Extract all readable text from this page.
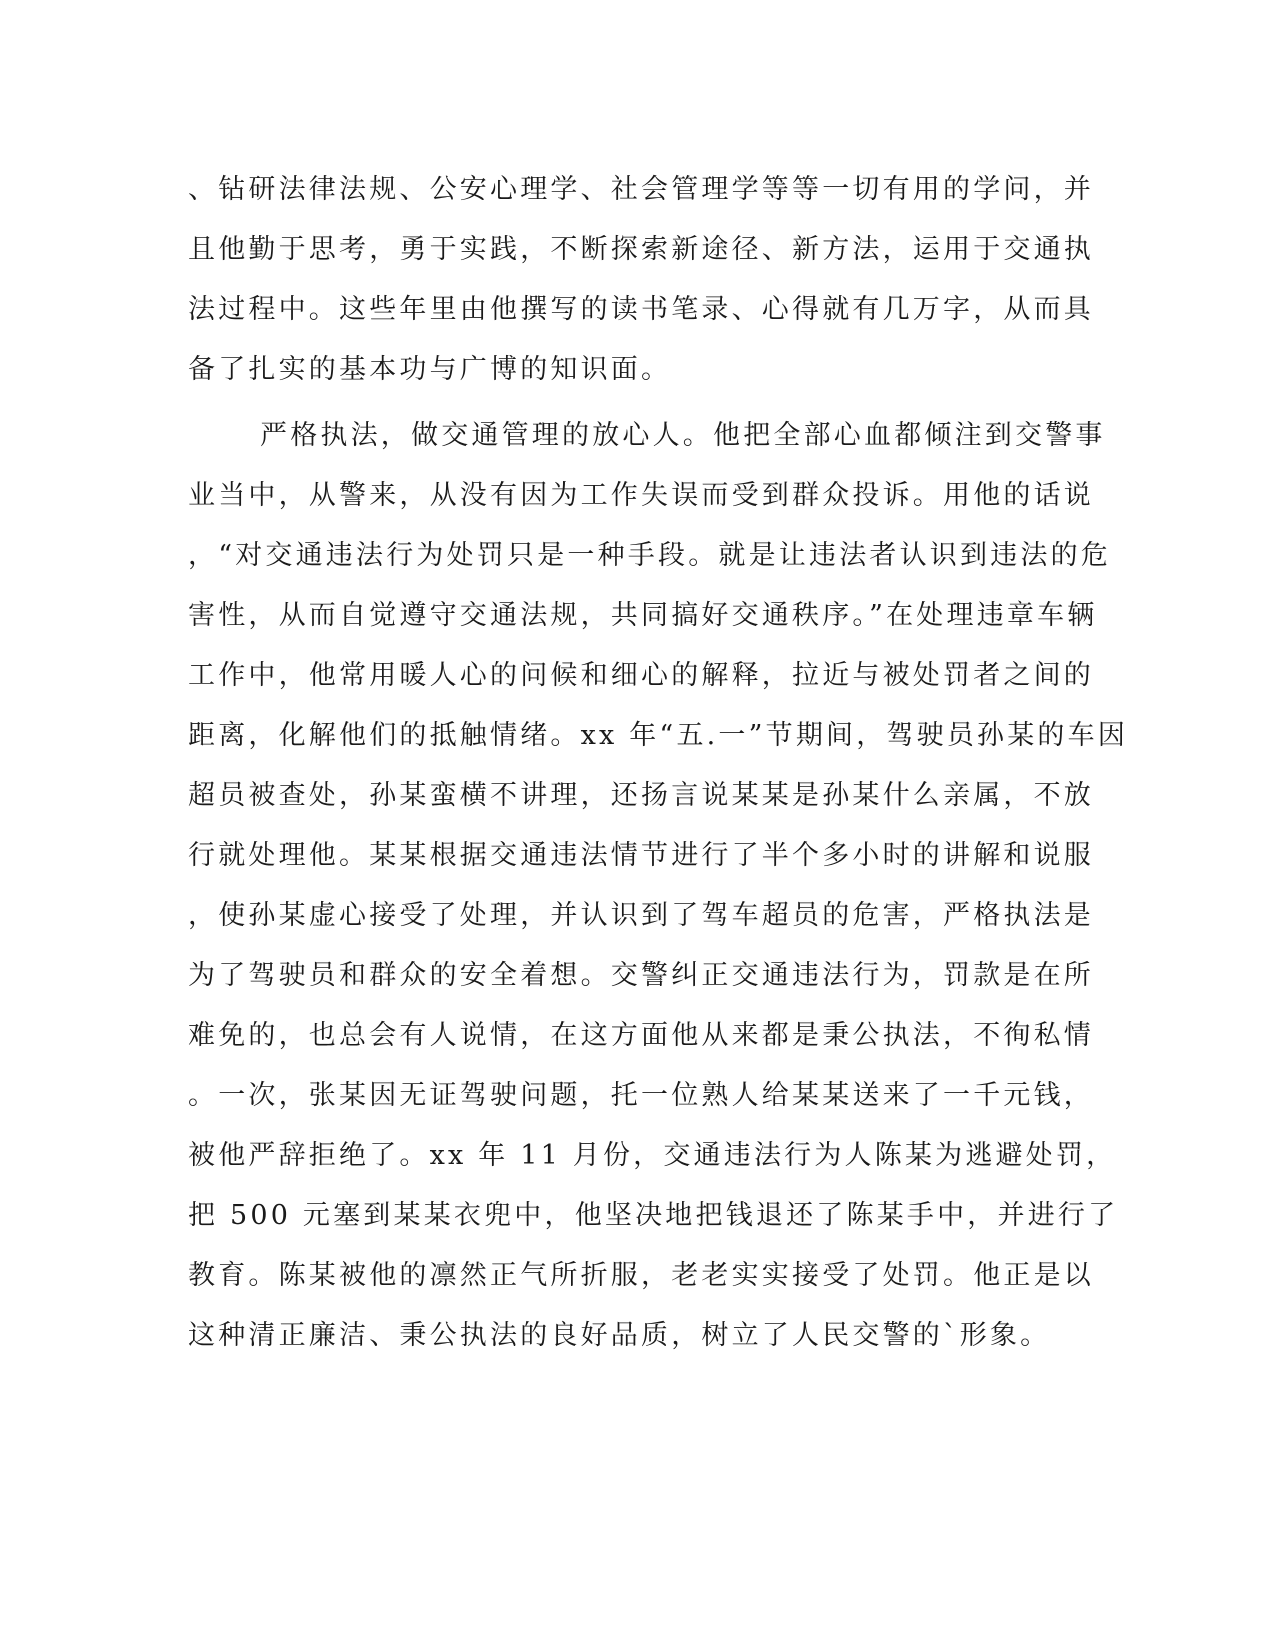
、钻研法律法规、公安心理学、社会管理学等等一切有用的学问，并
且他勤于思考，勇于实践，不断探索新途径、新方法，运用于交通执
法过程中。这些年里由他撰写的读书笔录、心得就有几万字，从而具
备了扎实的基本功与广博的知识面。
严格执法，做交通管理的放心人。他把全部心血都倾注到交警事
业当中，从警来，从没有因为工作失误而受到群众投诉。用他的话说
，“对交通违法行为处罚只是一种手段。就是让违法者认识到违法的危
害性，从而自觉遵守交通法规，共同搞好交通秩序。”在处理违章车辆
工作中，他常用暖人心的问候和细心的解释，拉近与被处罚者之间的
距离，化解他们的抵触情绪。xx 年“五.一”节期间，驾驶员孙某的车因
超员被查处，孙某蛮横不讲理，还扬言说某某是孙某什么亲属，不放
行就处理他。某某根据交通违法情节进行了半个多小时的讲解和说服
，使孙某虚心接受了处理，并认识到了驾车超员的危害，严格执法是
为了驾驶员和群众的安全着想。交警纠正交通违法行为，罚款是在所
难免的，也总会有人说情，在这方面他从来都是秉公执法，不徇私情
。一次，张某因无证驾驶问题，托一位熟人给某某送来了一千元钱，
被他严辞拒绝了。xx 年 11 月份，交通违法行为人陈某为逃避处罚，
把 500 元塞到某某衣兜中，他坚决地把钱退还了陈某手中，并进行了
教育。陈某被他的凛然正气所折服，老老实实接受了处罚。他正是以
这种清正廉洁、秉公执法的良好品质，树立了人民交警的`形象。
